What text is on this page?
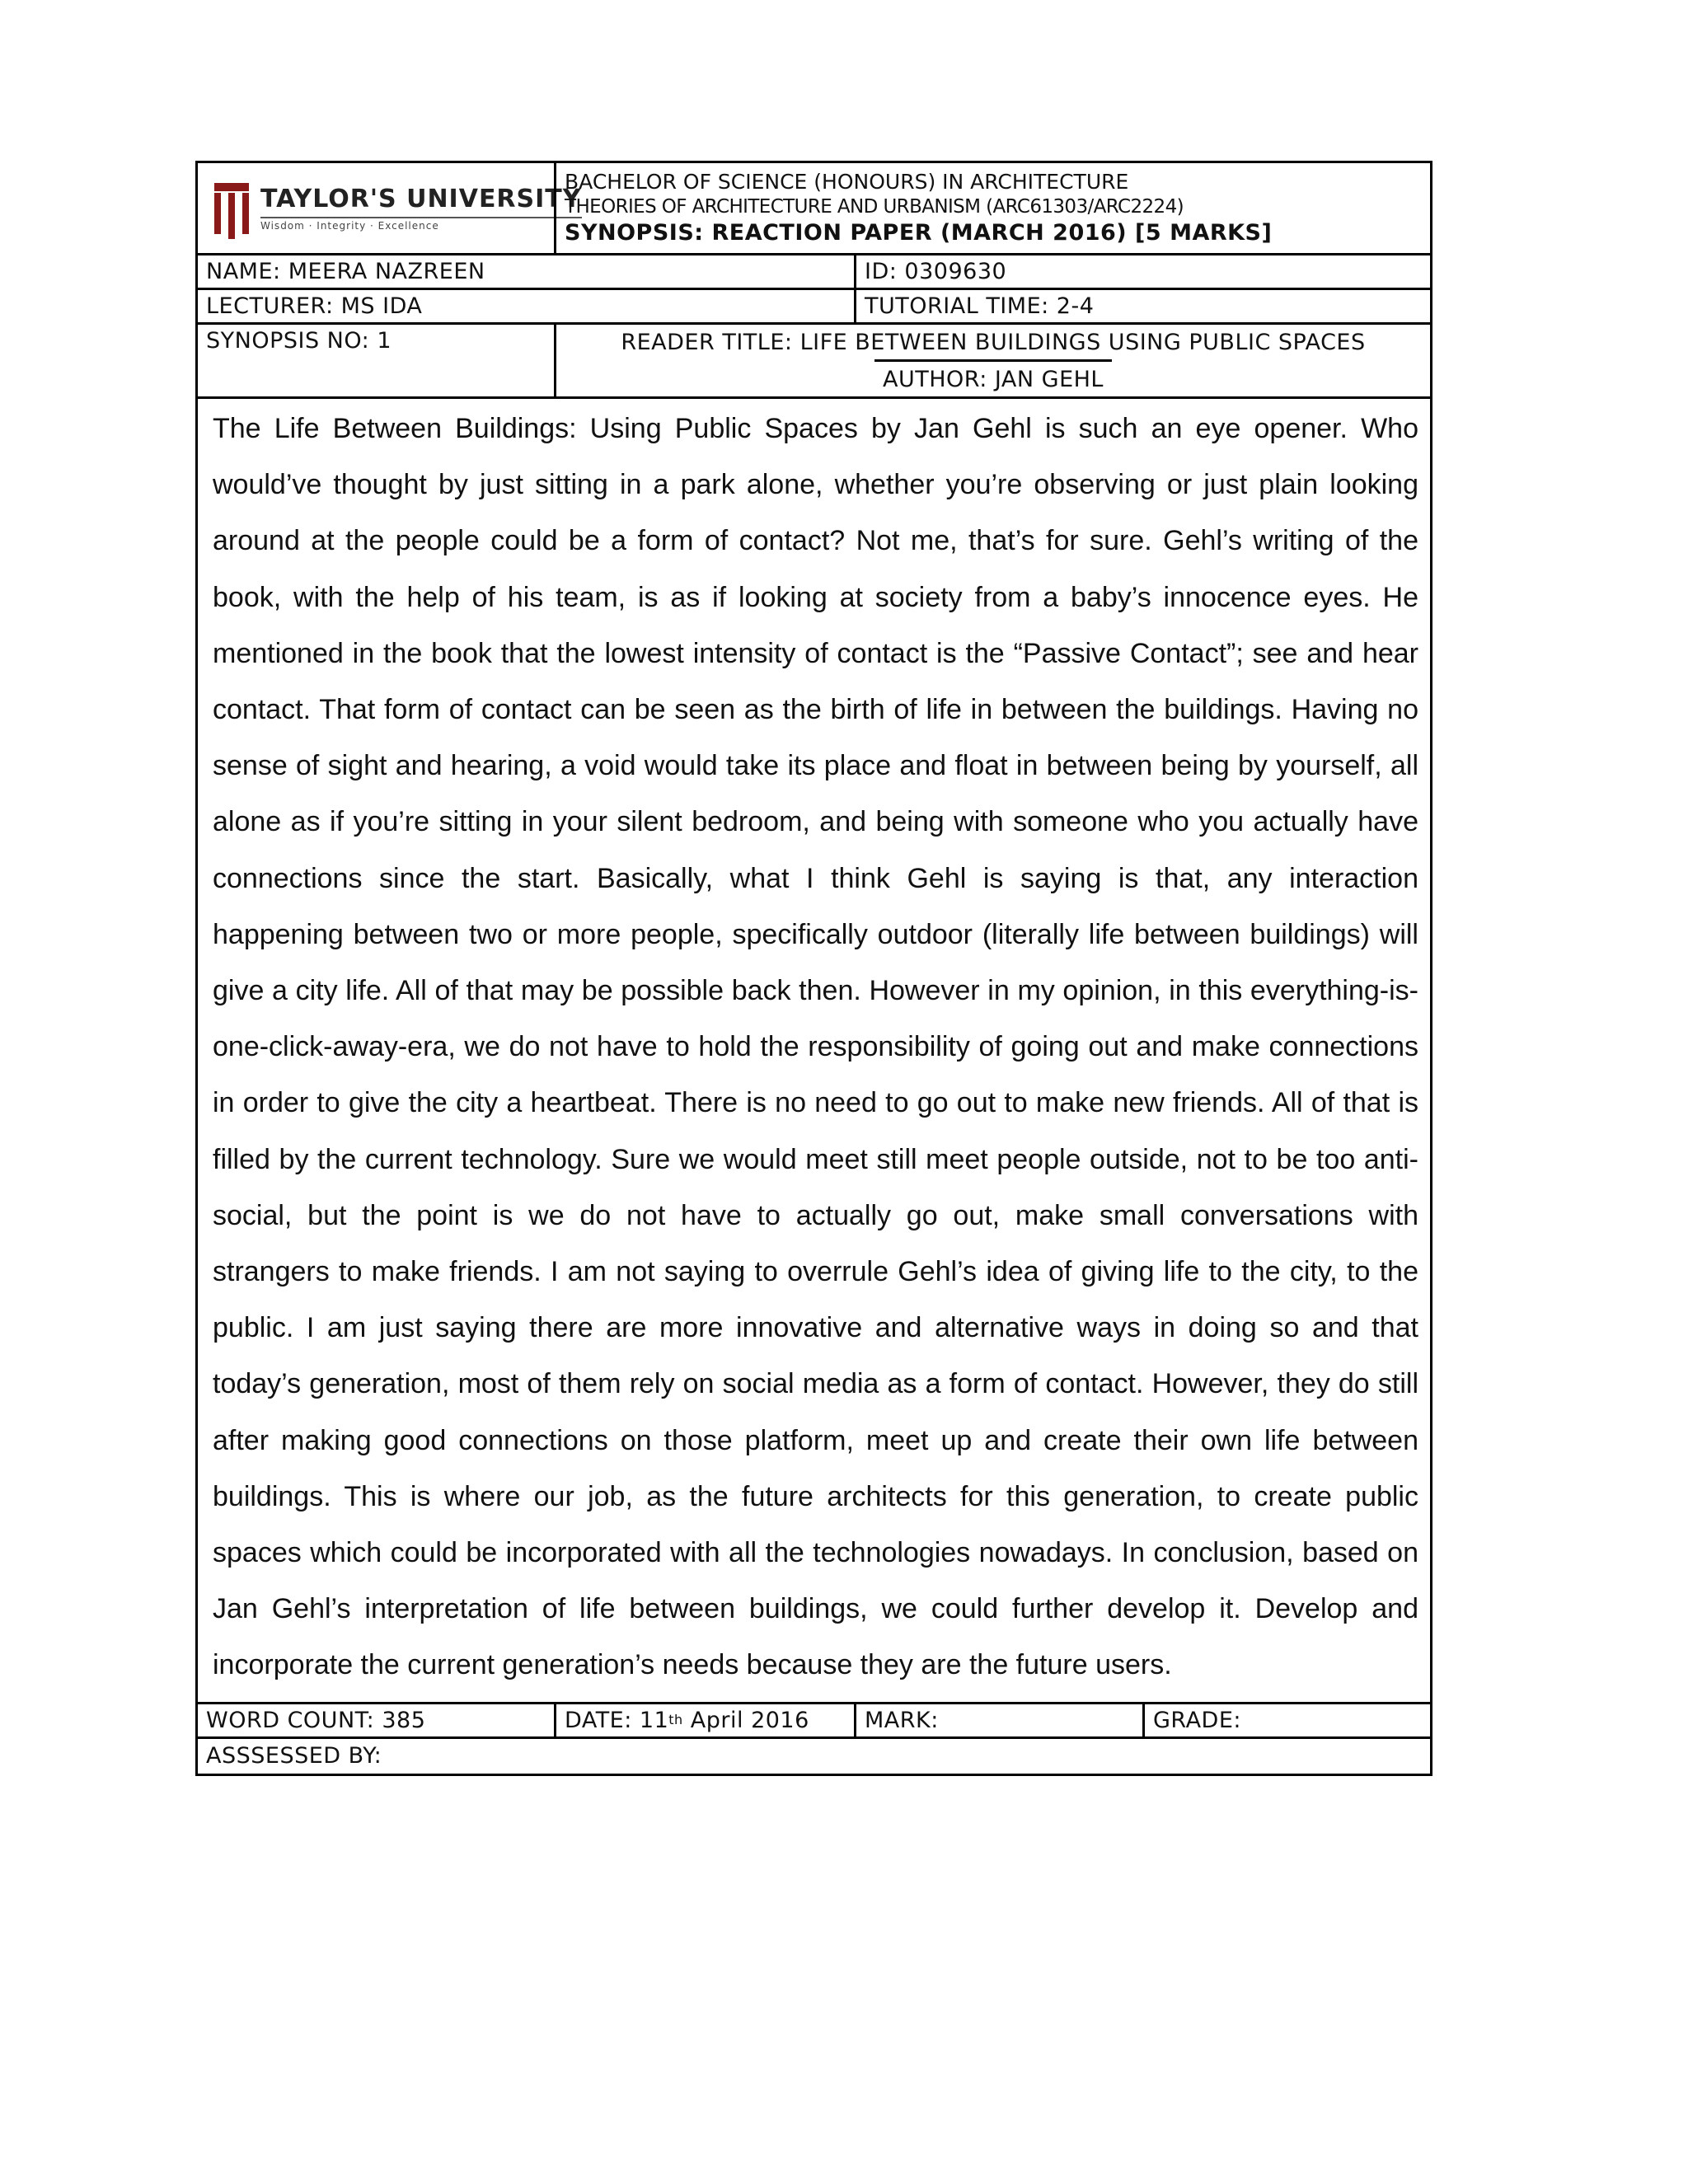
TAYLOR'S UNIVERSITY
Wisdom · Integrity · Excellence
BACHELOR OF SCIENCE (HONOURS) IN ARCHITECTURE
THEORIES OF ARCHITECTURE AND URBANISM (ARC61303/ARC2224)
SYNOPSIS: REACTION PAPER (MARCH 2016) [5 MARKS]
NAME: MEERA NAZREEN	ID: 0309630
LECTURER: MS IDA	TUTORIAL TIME: 2-4
SYNOPSIS NO: 1	READER TITLE: LIFE BETWEEN BUILDINGS USING PUBLIC SPACES
AUTHOR: JAN GEHL
The Life Between Buildings: Using Public Spaces by Jan Gehl is such an eye opener. Who would’ve thought by just sitting in a park alone, whether you’re observing or just plain looking around at the people could be a form of contact? Not me, that’s for sure. Gehl’s writing of the book, with the help of his team, is as if looking at society from a baby’s innocence eyes. He mentioned in the book that the lowest intensity of contact is the “Passive Contact”; see and hear contact. That form of contact can be seen as the birth of life in between the buildings. Having no sense of sight and hearing, a void would take its place and float in between being by yourself, all alone as if you’re sitting in your silent bedroom, and being with someone who you actually have connections since the start. Basically, what I think Gehl is saying is that, any interaction happening between two or more people, specifically outdoor (literally life between buildings) will give a city life. All of that may be possible back then. However in my opinion, in this everything-is-one-click-away-era, we do not have to hold the responsibility of going out and make connections in order to give the city a heartbeat. There is no need to go out to make new friends. All of that is filled by the current technology. Sure we would meet still meet people outside, not to be too anti-social, but the point is we do not have to actually go out, make small conversations with strangers to make friends. I am not saying to overrule Gehl’s idea of giving life to the city, to the public. I am just saying there are more innovative and alternative ways in doing so and that today’s generation, most of them rely on social media as a form of contact. However, they do still after making good connections on those platform, meet up and create their own life between buildings. This is where our job, as the future architects for this generation, to create public spaces which could be incorporated with all the technologies nowadays. In conclusion, based on Jan Gehl’s interpretation of life between buildings, we could further develop it. Develop and incorporate the current generation’s needs because they are the future users.
WORD COUNT: 385	DATE: 11 th April 2016	MARK:	GRADE:
ASSSESSED BY:
